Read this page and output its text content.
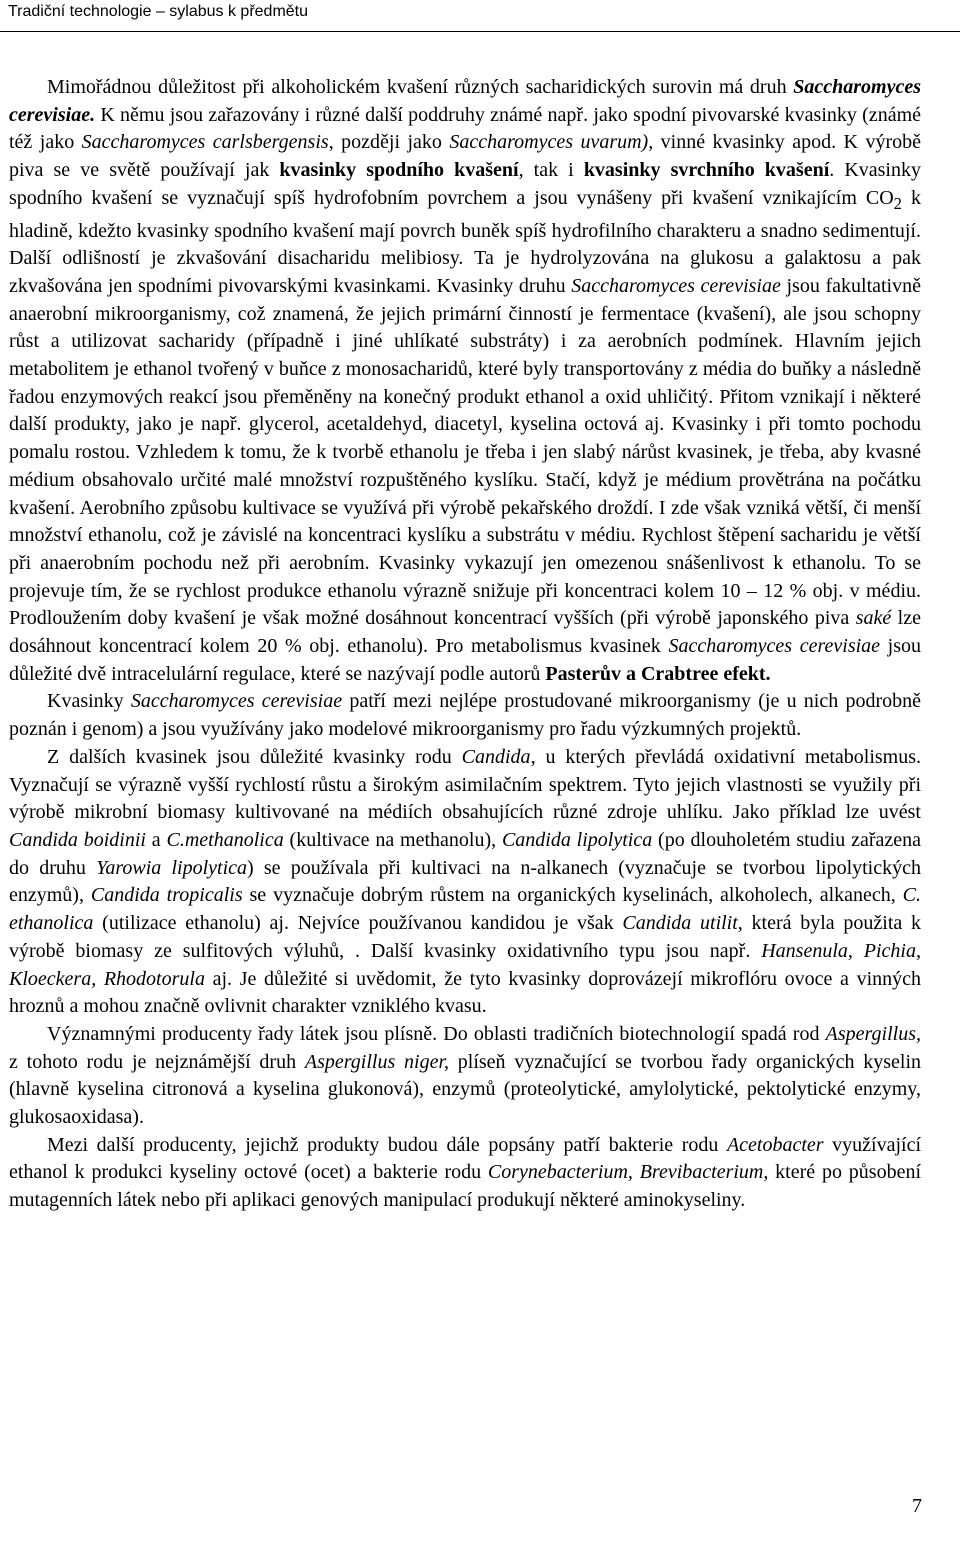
Tradiční technologie – sylabus k předmětu

Mimořádnou důležitost při alkoholickém kvašení různých sacharidických surovin má druh Saccharomyces cerevisiae. K němu jsou zařazovány i různé další poddruhy známé např. jako spodní pivovarské kvasinky (známé též jako Saccharomyces carlsbergensis, později jako Saccharomyces uvarum), vinné kvasinky apod. K výrobě piva se ve světě používají jak kvasinky spodního kvašení, tak i kvasinky svrchního kvašení. Kvasinky spodního kvašení se vyznačují spíš hydrofobním povrchem a jsou vynášeny při kvašení vznikajícím $CO_2$ k hladině, kdežto kvasinky spodního kvašení mají povrch buněk spíš hydrofilního charakteru a snadno sedimentují. Další odlišností je zkvašování disacharidu melibiosy. Ta je hydrolyzována na glukosu a galaktosu a pak zkvašována jen spodními pivovarskými kvasinkami. Kvasinky druhu Saccharomyces cerevisiae jsou fakultativně anaerobní mikroorganismy, což znamená, že jejich primární činností je fermentace (kvašení), ale jsou schopny růst a utilizovat sacharidy (případně i jiné uhlíkaté substráty) i za aerobních podmínek. Hlavním jejich metabolitem je ethanol tvořený v buňce z monosacharidů, které byly transportovány z média do buňky a následně řadou enzymových reakcí jsou přeměněny na konečný produkt ethanol a oxid uhličitý. Přitom vznikají i některé další produkty, jako je např. glycerol, acetaldehyd, diacetyl, kyselina octová aj. Kvasinky i při tomto pochodu pomalu rostou. Vzhledem k tomu, že k tvorbě ethanolu je třeba i jen slabý nárůst kvasinek, je třeba, aby kvasné médium obsahovalo určité malé množství rozpuštěného kyslíku. Stačí, když je médium provětrána na počátku kvašení. Aerobního způsobu kultivace se využívá při výrobě pekařského droždí. I zde však vzniká větší, či menší množství ethanolu, což je závislé na koncentraci kyslíku a substrátu v médiu. Rychlost štěpení sacharidu je větší při anaerobním pochodu než při aerobním. Kvasinky vykazují jen omezenou snášenlivost k ethanolu. To se projevuje tím, že se rychlost produkce ethanolu výrazně snižuje při koncentraci kolem 10 – 12 % obj. v médiu. Prodloužením doby kvašení je však možné dosáhnout koncentrací vyšších (při výrobě japonského piva saké lze dosáhnout koncentrací kolem 20 % obj. ethanolu). Pro metabolismus kvasinek Saccharomyces cerevisiae jsou důležité dvě intracelulární regulace, které se nazývají podle autorů Pasterův a Crabtree efekt.

Kvasinky Saccharomyces cerevisiae patří mezi nejlépe prostudované mikroorganismy (je u nich podrobně poznán i genom) a jsou využívány jako modelové mikroorganismy pro řadu výzkumných projektů.

Z dalších kvasinek jsou důležité kvasinky rodu Candida, u kterých převládá oxidativní metabolismus. Vyznačují se výrazně vyšší rychlostí růstu a širokým asimilačním spektrem. Tyto jejich vlastnosti se využily při výrobě mikrobní biomasy kultivované na médiích obsahujících různé zdroje uhlíku. Jako příklad lze uvést Candida boidinii a C.methanolica (kultivace na methanolu), Candida lipolytica (po dlouholetém studiu zařazena do druhu Yarowia lipolytica) se používala při kultivaci na n-alkanech (vyznačuje se tvorbou lipolytických enzymů), Candida tropicalis se vyznačuje dobrým růstem na organických kyselinách, alkoholech, alkanech, C. ethanolica (utilizace ethanolu) aj. Nejvíce používanou kandidou je však Candida utilit, která byla použita k výrobě biomasy ze sulfitových výluhů, . Další kvasinky oxidativního typu jsou např. Hansenula, Pichia, Kloeckera, Rhodotorula aj. Je důležité si uvědomit, že tyto kvasinky doprovázejí mikroflóru ovoce a vinných hroznů a mohou značně ovlivnit charakter vzniklého kvasu.

Významnými producenty řady látek jsou plísně. Do oblasti tradičních biotechnologií spadá rod Aspergillus, z tohoto rodu je nejznámější druh Aspergillus niger, plíseň vyznačující se tvorbou řady organických kyselin (hlavně kyselina citronová a kyselina glukonová), enzymů (proteolytické, amylolytické, pektolytické enzymy, glukosaoxidasa).

Mezi další producenty, jejichž produkty budou dále popsány patří bakterie rodu Acetobacter využívající ethanol k produkci kyseliny octové (ocet) a bakterie rodu Corynebacterium, Brevibacterium, které po působení mutagenních látek nebo při aplikaci genových manipulací produkují některé aminokyseliny.

7
